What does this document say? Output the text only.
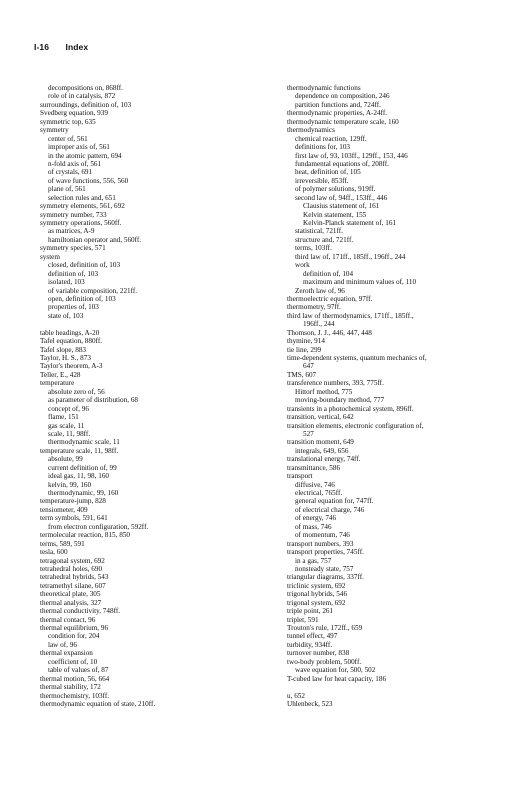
I-16 Index
decompositions on, 868ff.
role of in catalysis, 872
surroundings, definition of, 103
Svedberg equation, 939
symmetric top, 635
symmetry
center of, 561
improper axis of, 561
in the atomic pattern, 694
n-fold axis of, 561
of crystals, 691
of wave functions, 556, 560
plane of, 561
selection rules and, 651
symmetry elements, 561, 692
symmetry number, 733
symmetry operations, 560ff.
as matrices, A-9
hamiltonian operator and, 560ff.
symmetry species, 571
system
closed, definition of, 103
definition of, 103
isolated, 103
of variable composition, 221ff.
open, definition of, 103
properties of, 103
state of, 103
table headings, A-20
Tafel equation, 880ff.
Tafel slope, 883
Taylor, H. S., 873
Taylor's theorem, A-3
Teller, E., 428
temperature
absolute zero of, 56
as parameter of distribution, 68
concept of, 96
flame, 151
gas scale, 11
scale, 11, 98ff.
thermodynamic scale, 11
temperature scale, 11, 98ff.
absolute, 99
current definition of, 99
ideal gas, 11, 98, 160
kelvin, 99, 160
thermodynamic, 99, 160
temperature-jump, 828
tensiometer, 409
term symbols, 591, 641
from electron configuration, 592ff.
termolecular reaction, 815, 850
terms, 589, 591
tesla, 600
tetragonal system, 692
tetrahedral holes, 690
tetrahedral hybrids, 543
tetramethyl silane, 607
theoretical plate, 305
thermal analysis, 327
thermal conductivity, 748ff.
thermal contact, 96
thermal equilibrium, 96
condition for, 204
law of, 96
thermal expansion
coefficient of, 10
table of values of, 87
thermal motion, 56, 664
thermal stability, 172
thermochemistry, 103ff.
thermodynamic equation of state, 210ff.
thermodynamic functions
dependence on composition, 246
partition functions and, 724ff.
thermodynamic properties, A-24ff.
thermodynamic temperature scale, 160
thermodynamics
chemical reaction, 129ff.
definitions for, 103
first law of, 93, 103ff., 129ff., 153, 446
fundamental equations of, 208ff.
heat, definition of, 105
irreversible, 853ff.
of polymer solutions, 919ff.
second law of, 94ff., 153ff., 446
Clausius statement of, 161
Kelvin statement, 155
Kelvin-Planck statement of, 161
statistical, 721ff.
structure and, 721ff.
terms, 103ff.
third law of, 171ff., 185ff., 196ff., 244
work
definition of, 104
maximum and minimum values of, 110
Zeroth law of, 96
thermoelectric equation, 97ff.
thermometry, 97ff.
third law of thermodynamics, 171ff., 185ff.,
196ff., 244
Thomson, J. J., 446, 447, 448
thymine, 914
tie line, 299
time-dependent systems, quantum mechanics of,
647
TMS, 607
transference numbers, 393, 775ff.
Hittorf method, 775
moving-boundary method, 777
transients in a photochemical system, 896ff.
transition, vertical, 642
transition elements, electronic configuration of,
527
transition moment, 649
integrals, 649, 656
translational energy, 74ff.
transmittance, 586
transport
diffusive, 746
electrical, 765ff.
general equation for, 747ff.
of electrical charge, 746
of energy, 746
of mass, 746
of momentum, 746
transport numbers, 393
transport properties, 745ff.
in a gas, 757
nonsteady state, 757
triangular diagrams, 337ff.
triclinic system, 692
trigonal hybrids, 546
trigonal system, 692
triple point, 261
triplet, 591
Trouton's rule, 172ff., 659
tunnel effect, 497
turbidity, 934ff.
turnover number, 838
two-body problem, 500ff.
wave equation for, 500, 502
T-cubed law for heat capacity, 186
u, 652
Uhlenbeck, 523
